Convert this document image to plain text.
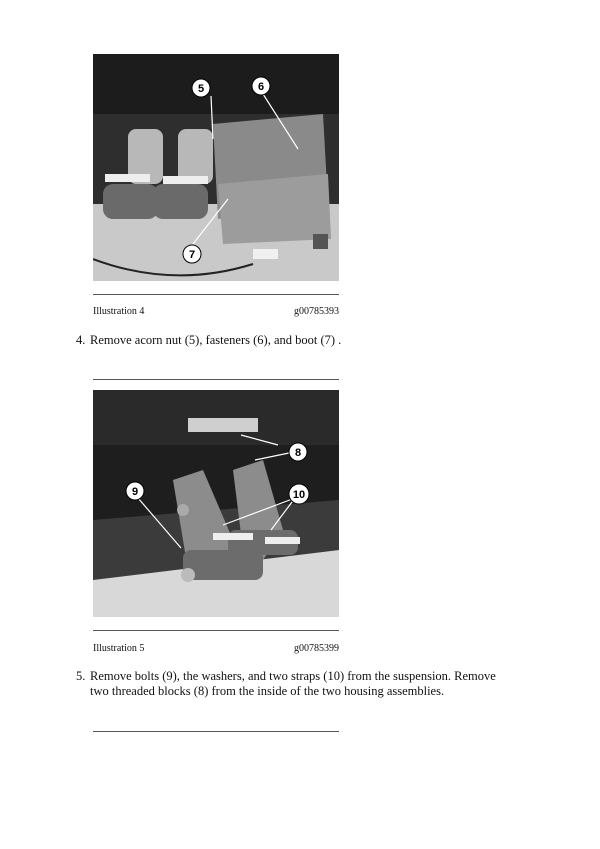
5	6
7
Illustration 4	g00785393
4. Remove acorn nut (5), fasteners (6), and boot (7) .
8
9	10
Illustration 5	g00785399
5. Remove bolts (9), the washers, and two straps (10) from the suspension. Remove two threaded blocks (8) from the inside of the two housing assemblies.
